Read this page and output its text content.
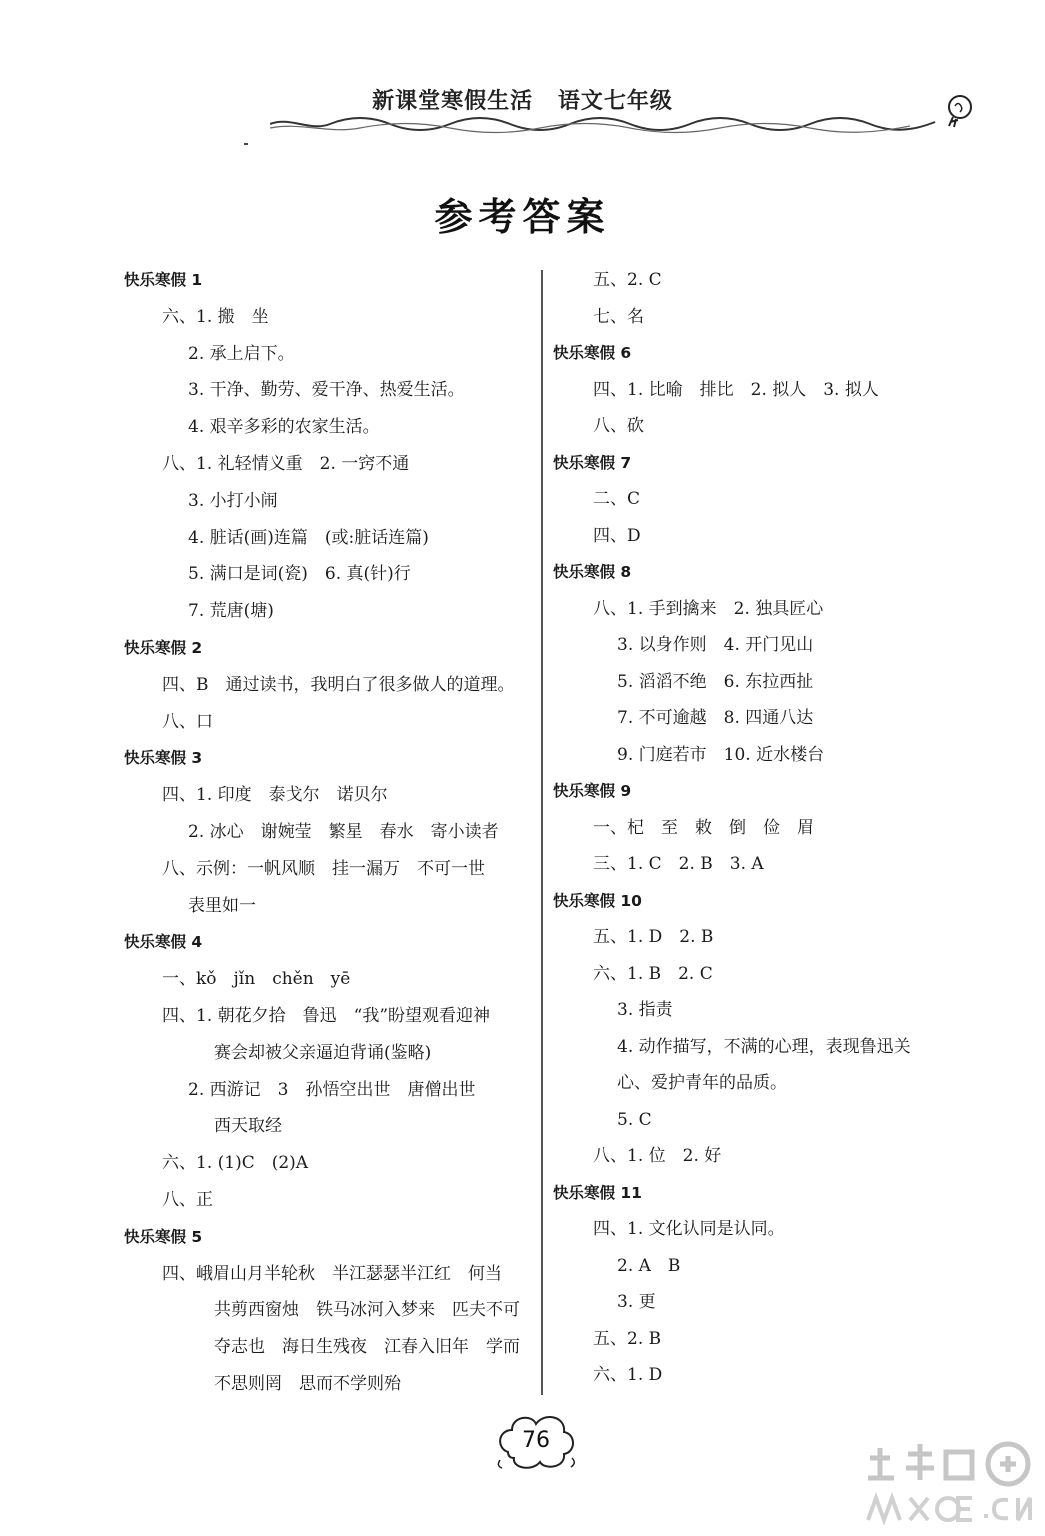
新课堂寒假生活 语文七年级
参考答案
快乐寒假 1
六、1. 搬　坐
2. 承上启下。
3. 干净、勤劳、爱干净、热爱生活。
4. 艰辛多彩的农家生活。
八、1. 礼轻情义重　2. 一窍不通
3. 小打小闹
4. 脏话(画)连篇　(或:脏话连篇)
5. 满口是词(瓷)　6. 真(针)行
7. 荒唐(塘)
快乐寒假 2
四、B　通过读书，我明白了很多做人的道理。
八、口
快乐寒假 3
四、1. 印度　泰戈尔　诺贝尔
2. 冰心　谢婉莹　繁星　春水　寄小读者
八、示例：一帆风顺　挂一漏万　不可一世
表里如一
快乐寒假 4
一、kǒ　jǐn　chěn　yē
四、1. 朝花夕拾　鲁迅　“我”盼望观看迎神
赛会却被父亲逼迫背诵(鉴略)
2. 西游记　3　孙悟空出世　唐僧出世
西天取经
六、1. (1)C　(2)A
八、正
快乐寒假 5
四、峨眉山月半轮秋　半江瑟瑟半江红　何当
共剪西窗烛　铁马冰河入梦来　匹夫不可
夺志也　海日生残夜　江春入旧年　学而
不思则罔　思而不学则殆
五、2. C
七、名
快乐寒假 6
四、1. 比喻　排比　2. 拟人　3. 拟人
八、砍
快乐寒假 7
二、C
四、D
快乐寒假 8
八、1. 手到擒来　2. 独具匠心
3. 以身作则　4. 开门见山
5. 滔滔不绝　6. 东拉西扯
7. 不可逾越　8. 四通八达
9. 门庭若市　10. 近水楼台
快乐寒假 9
一、杞　至　敕　倒　俭　眉
三、1. C　2. B　3. A
快乐寒假 10
五、1. D　2. B
六、1. B　2. C
3. 指责
4. 动作描写，不满的心理，表现鲁迅关
心、爱护青年的品质。
5. C
八、1. 位　2. 好
快乐寒假 11
四、1. 文化认同是认同。
2. A　B
3. 更
五、2. B
六、1. D
76
